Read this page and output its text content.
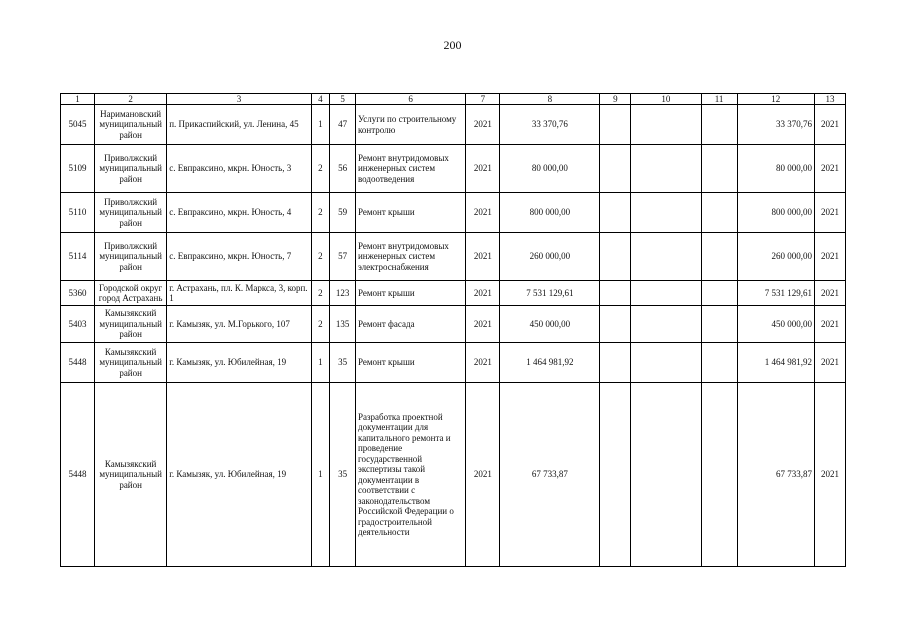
200
1	2	3	4	5	6	7	8	9	10	11	12	13
5045	Наримановский муниципальный район	п. Прикаспийский, ул. Ленина, 45	1	47	Услуги по строительному контролю	2021	33 370,76				33 370,76	2021
5109	Приволжский муниципальный район	с. Евпраксино, мкрн. Юность, 3	2	56	Ремонт внутридомовых инженерных систем водоотведения	2021	80 000,00				80 000,00	2021
5110	Приволжский муниципальный район	с. Евпраксино, мкрн. Юность, 4	2	59	Ремонт крыши	2021	800 000,00				800 000,00	2021
5114	Приволжский муниципальный район	с. Евпраксино, мкрн. Юность, 7	2	57	Ремонт внутридомовых инженерных систем электроснабжения	2021	260 000,00				260 000,00	2021
5360	Городской округ город Астрахань	г. Астрахань, пл. К. Маркса, 3, корп. 1	2	123	Ремонт крыши	2021	7 531 129,61				7 531 129,61	2021
5403	Камызякский муниципальный район	г. Камызяк, ул. М.Горького, 107	2	135	Ремонт фасада	2021	450 000,00				450 000,00	2021
5448	Камызякский муниципальный район	г. Камызяк, ул. Юбилейная, 19	1	35	Ремонт крыши	2021	1 464 981,92				1 464 981,92	2021
5448	Камызякский муниципальный район	г. Камызяк, ул. Юбилейная, 19	1	35	Разработка проектной документации для капитального ремонта и проведение государственной экспертизы такой документации в соответствии с законодательством Российской Федерации о градостроительной деятельности	2021	67 733,87				67 733,87	2021
